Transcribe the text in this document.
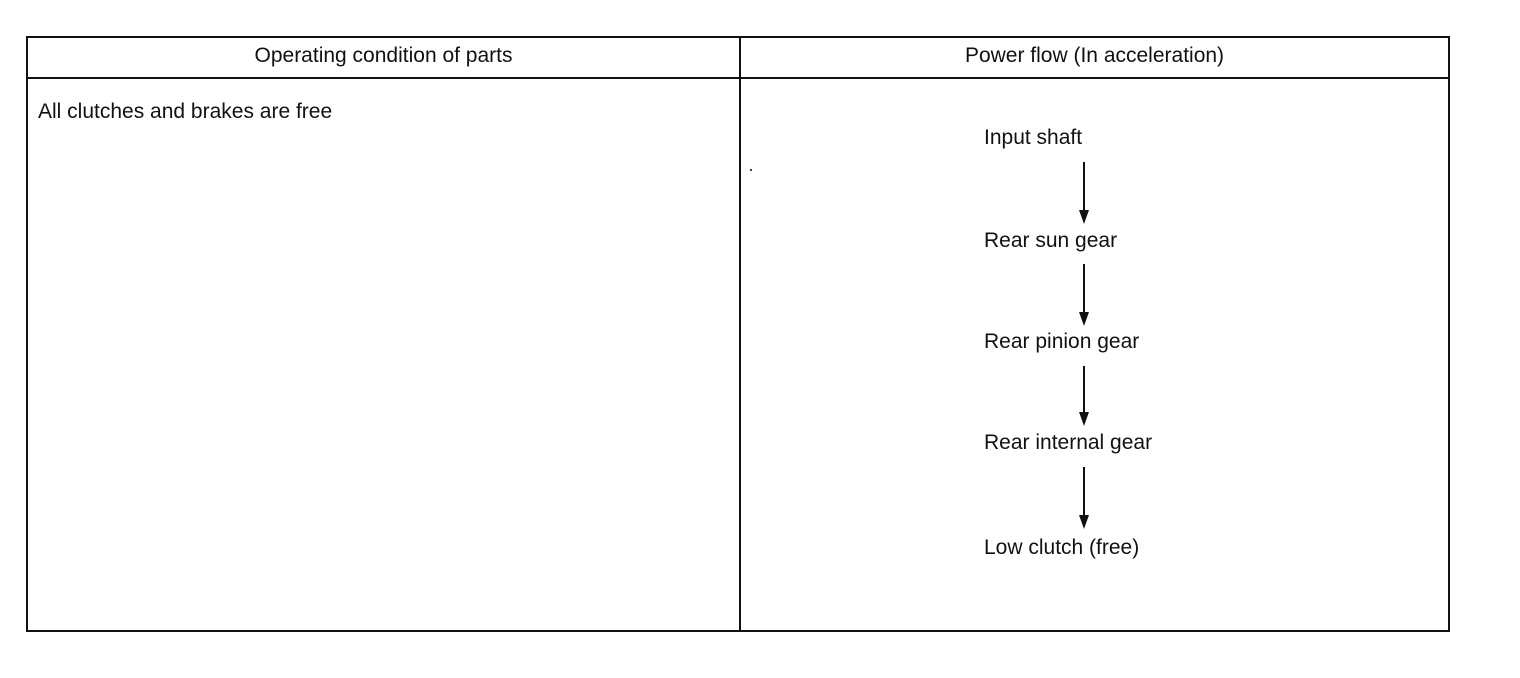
Operating condition of parts	Power flow (In acceleration)
All clutches and brakes are free
Input shaft
Rear sun gear
Rear pinion gear
Rear internal gear
Low clutch (free)
